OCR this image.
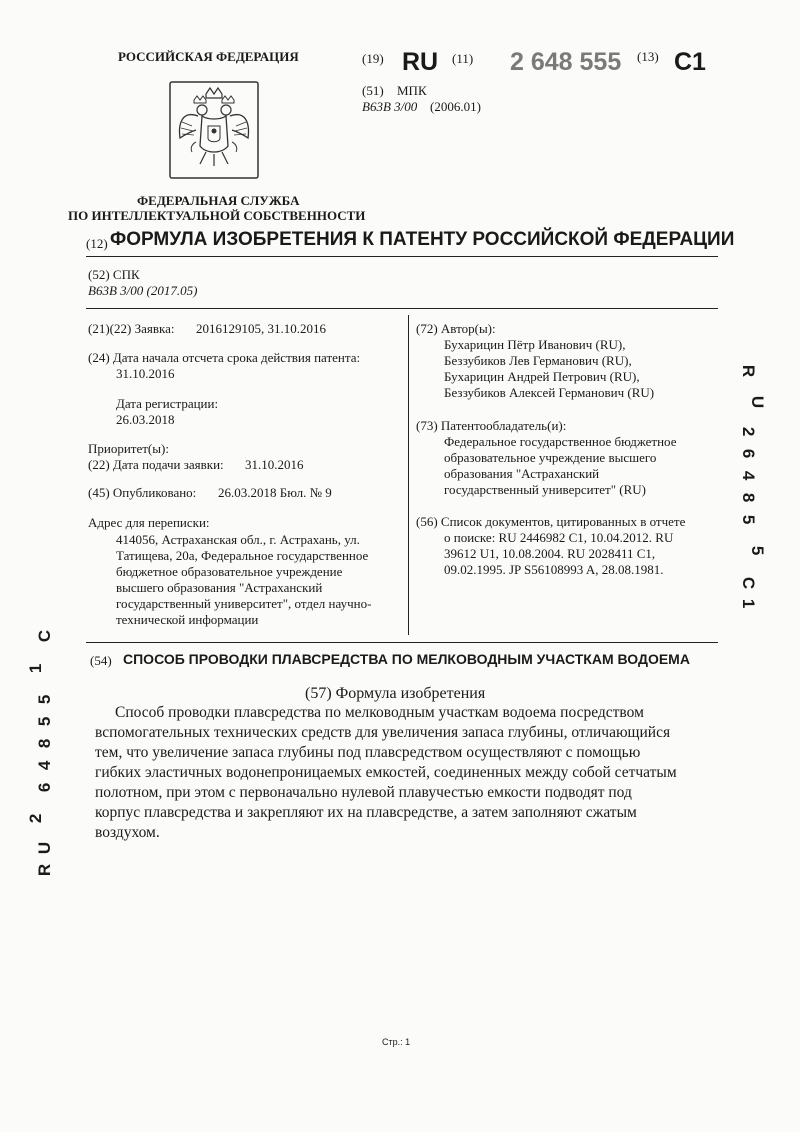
РОССИЙСКАЯ ФЕДЕРАЦИЯ
ФЕДЕРАЛЬНАЯ СЛУЖБА
ПО ИНТЕЛЛЕКТУАЛЬНОЙ СОБСТВЕННОСТИ
(19) RU (11) 2 648 555 (13) C1
(51) МПК
B63B 3/00 (2006.01)
(12) ФОРМУЛА ИЗОБРЕТЕНИЯ К ПАТЕНТУ РОССИЙСКОЙ ФЕДЕРАЦИИ
(52) СПК
B63B 3/00 (2017.05)
(21)(22) Заявка: 2016129105, 31.10.2016
(24) Дата начала отсчета срока действия патента:
31.10.2016
Дата регистрации:
26.03.2018
Приоритет(ы):
(22) Дата подачи заявки: 31.10.2016
(45) Опубликовано: 26.03.2018 Бюл. № 9
Адрес для переписки:
414056, Астраханская обл., г. Астрахань, ул.
Татищева, 20а, Федеральное государственное
бюджетное образовательное учреждение
высшего образования "Астраханский
государственный университет", отдел научно-
технической информации
(72) Автор(ы):
Бухарицин Пётр Иванович (RU),
Беззубиков Лев Германович (RU),
Бухарицин Андрей Петрович (RU),
Беззубиков Алексей Германович (RU)
(73) Патентообладатель(и):
Федеральное государственное бюджетное
образовательное учреждение высшего
образования "Астраханский
государственный университет" (RU)
(56) Список документов, цитированных в отчете
о поиске: RU 2446982 C1, 10.04.2012. RU
39612 U1, 10.08.2004. RU 2028411 C1,
09.02.1995. JP S56108993 A, 28.08.1981.
(54) СПОСОБ ПРОВОДКИ ПЛАВСРЕДСТВА ПО МЕЛКОВОДНЫМ УЧАСТКАМ ВОДОЕМА
(57) Формула изобретения
Способ проводки плавсредства по мелководным участкам водоема посредством
вспомогательных технических средств для увеличения запаса глубины, отличающийся
тем, что увеличение запаса глубины под плавсредством осуществляют с помощью
гибких эластичных водонепроницаемых емкостей, соединенных между собой сетчатым
полотном, при этом с первоначально нулевой плавучестью емкости подводят под
корпус плавсредства и закрепляют их на плавсредстве, а затем заполняют сжатым
воздухом.
R
U
2
6
4
8
5
5
C
1
C
1
5
5
8
4
6
2
U
R
Стр.: 1
